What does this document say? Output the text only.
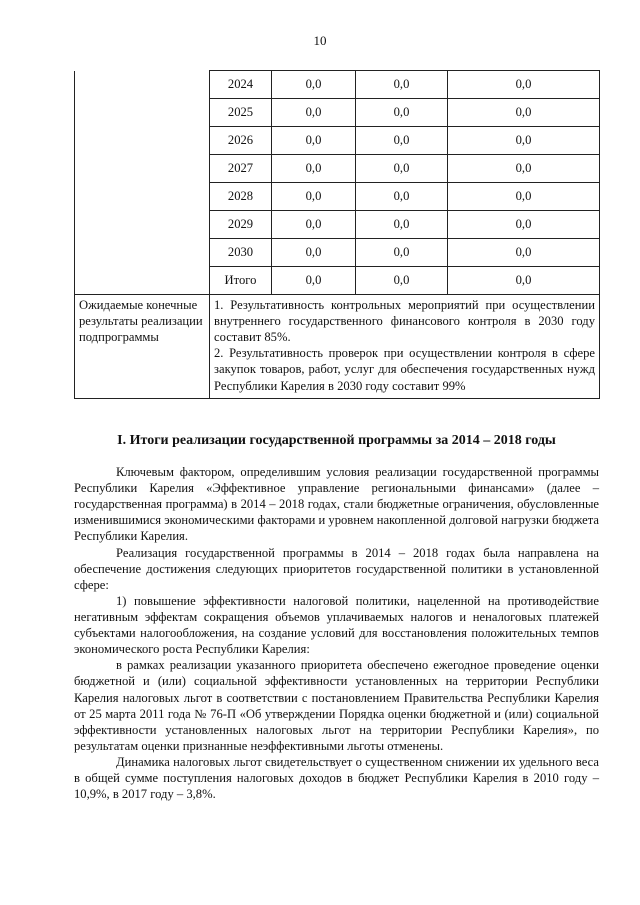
10
	2024	0,0	0,0	0,0
	2025	0,0	0,0	0,0
	2026	0,0	0,0	0,0
	2027	0,0	0,0	0,0
	2028	0,0	0,0	0,0
	2029	0,0	0,0	0,0
	2030	0,0	0,0	0,0
	Итого	0,0	0,0	0,0
Ожидаемые конечные результаты реализации подпрограммы	1. Результативность контрольных мероприятий при осуществлении внутреннего государственного финансового контроля в 2030 году составит 85%.

2. Результативность проверок при осуществлении контроля в сфере закупок товаров, работ, услуг для обеспечения государственных нужд Республики Карелия в 2030 году составит 99%			

I. Итоги реализации государственной программы за 2014 – 2018 годы

Ключевым фактором, определившим условия реализации государственной программы Республики Карелия «Эффективное управление региональными финансами» (далее – государственная программа) в 2014 – 2018 годах, стали бюджетные ограничения, обусловленные изменившимися экономическими факторами и уровнем накопленной долговой нагрузки бюджета Республики Карелия.

Реализация государственной программы в 2014 – 2018 годах была направлена на обеспечение достижения следующих приоритетов государственной политики в установленной сфере:

1) повышение эффективности налоговой политики, нацеленной на противодействие негативным эффектам сокращения объемов уплачиваемых налогов и неналоговых платежей субъектами налогообложения, на создание условий для восстановления положительных темпов экономического роста Республики Карелия:

в рамках реализации указанного приоритета обеспечено ежегодное проведение оценки бюджетной и (или) социальной эффективности установленных на территории Республики Карелия налоговых льгот в соответствии с постановлением Правительства Республики Карелия от 25 марта 2011 года № 76-П «Об утверждении Порядка оценки бюджетной и (или) социальной эффективности установленных налоговых льгот на территории Республики Карелия», по результатам оценки признанные неэффективными льготы отменены.

Динамика налоговых льгот свидетельствует о существенном снижении их удельного веса в общей сумме поступления налоговых доходов в бюджет Республики Карелия в 2010 году – 10,9%, в 2017 году – 3,8%.
